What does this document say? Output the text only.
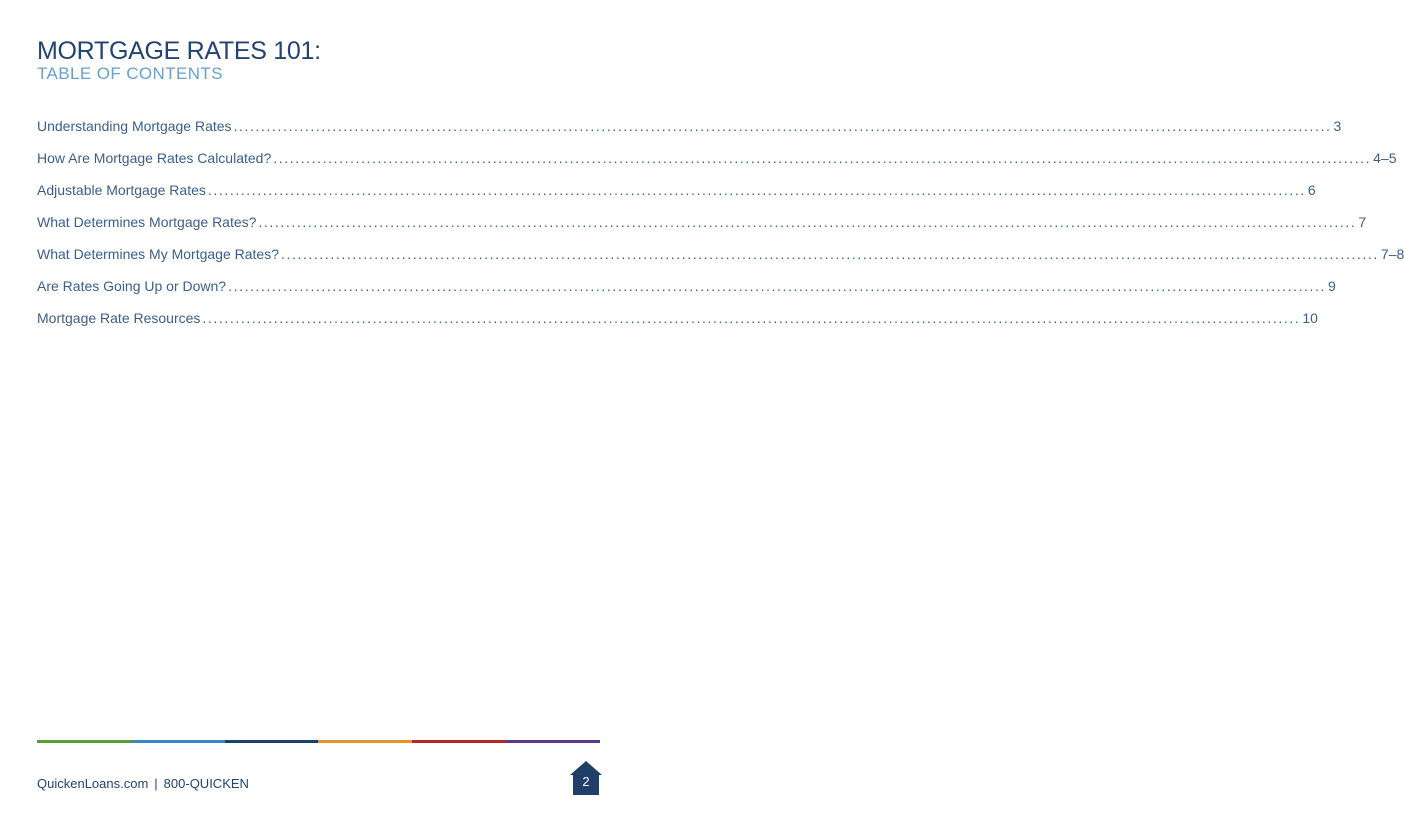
MORTGAGE RATES 101:
TABLE OF CONTENTS
Understanding Mortgage Rates ........................................................................................................................................................................................................ 3
How Are Mortgage Rates Calculated? ........................................................................................................................................................................................................ 4–5
Adjustable Mortgage Rates ........................................................................................................................................................................................................ 6
What Determines Mortgage Rates? ........................................................................................................................................................................................................ 7
What Determines My Mortgage Rates? ........................................................................................................................................................................................................ 7–8
Are Rates Going Up or Down? ........................................................................................................................................................................................................ 9
Mortgage Rate Resources ........................................................................................................................................................................................................ 10
QuickenLoans.com | 800-QUICKEN	2
